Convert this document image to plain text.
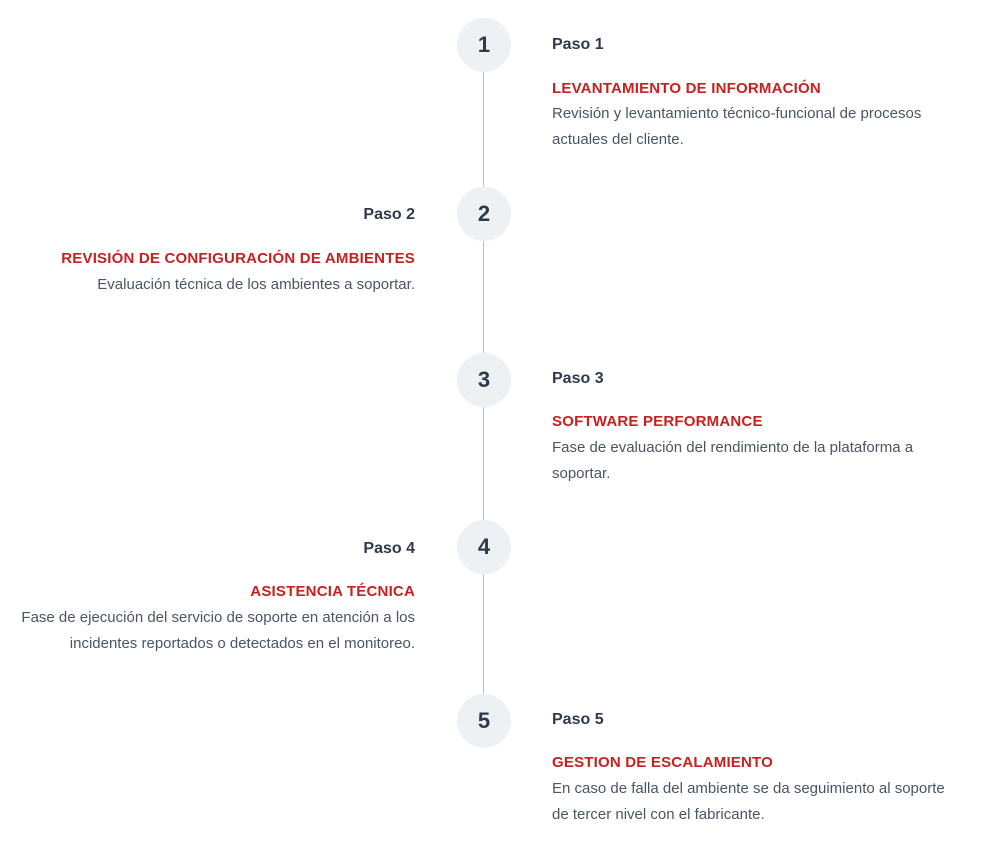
1	Paso 1
LEVANTAMIENTO DE INFORMACIÓN
Revisión y levantamiento técnico-funcional de procesos actuales del cliente.
2
Paso 2
REVISIÓN DE CONFIGURACIÓN DE AMBIENTES
Evaluación técnica de los ambientes a soportar.
3	Paso 3
SOFTWARE PERFORMANCE
Fase de evaluación del rendimiento de la plataforma a soportar.
4
Paso 4
ASISTENCIA TÉCNICA
Fase de ejecución del servicio de soporte en atención a los incidentes reportados o detectados en el monitoreo.
5	Paso 5
GESTION DE ESCALAMIENTO
En caso de falla del ambiente se da seguimiento al soporte de tercer nivel con el fabricante.
